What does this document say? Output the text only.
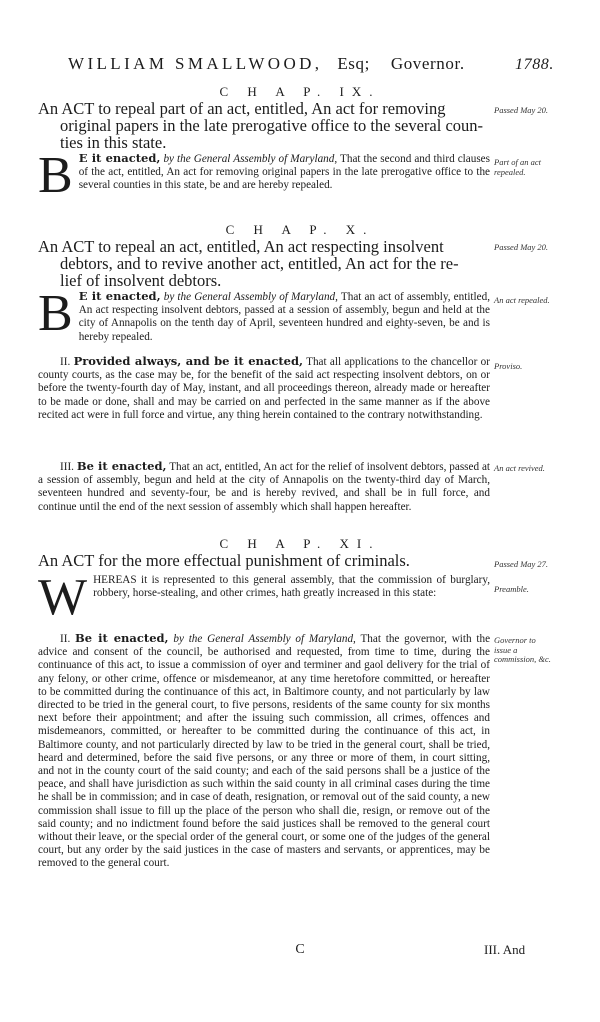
WILLIAM SMALLWOOD, Esq; Governor.	1788.
C H A P. IX.
An ACT to repeal part of an act, entitled, An act for removing
original papers in the late prerogative office to the several coun-
ties in this state.
B E it enacted, by the General Assembly of Maryland, That the second and third clauses of the act, entitled, An act for removing original papers in the late prerogative office to the several counties in this state, be and are hereby repealed.
Passed May 20.
Part of an act repealed.
C H A P. X.
An ACT to repeal an act, entitled, An act respecting insolvent
debtors, and to revive another act, entitled, An act for the re-
lief of insolvent debtors.
B E it enacted, by the General Assembly of Maryland, That an act of assembly, entitled, An act respecting insolvent debtors, passed at a session of assembly, begun and held at the city of Annapolis on the tenth day of April, seventeen hundred and eighty-seven, be and is hereby repealed.
II. Provided always, and be it enacted, That all applications to the chancellor or county courts, as the case may be, for the benefit of the said act respecting insolvent debtors, on or before the twenty-fourth day of May, instant, and all proceedings thereon, already made or hereafter to be made or done, shall and may be carried on and perfected in the same manner as if the above recited act were in full force and virtue, any thing herein contained to the contrary notwithstanding.
III. Be it enacted, That an act, entitled, An act for the relief of insolvent debtors, passed at a session of assembly, begun and held at the city of Annapolis on the twenty-third day of March, seventeen hundred and seventy-four, be and is hereby revived, and shall be in full force, and continue until the end of the next session of assembly which shall happen hereafter.
Passed May 20.
An act repealed.
Proviso.
An act revived.
C H A P. XI.
An ACT for the more effectual punishment of criminals.
W HEREAS it is represented to this general assembly, that the commission of burglary, robbery, horse-stealing, and other crimes, hath greatly increased in this state:
II. Be it enacted, by the General Assembly of Maryland, That the governor, with the advice and consent of the council, be authorised and requested, from time to time, during the continuance of this act, to issue a commission of oyer and terminer and gaol delivery for the trial of any felony, or other crime, offence or misdemeanor, at any time heretofore committed, or hereafter to be committed during the continuance of this act, in Baltimore county, and not particularly by law directed to be tried in the general court, to five persons, residents of the same county for six months next before their appointment; and after the issuing such commission, all crimes, offences and misdemeanors, committed, or hereafter to be committed during the continuance of this act, in Baltimore county, and not particularly directed by law to be tried in the general court, shall be tried, heard and determined, before the said five persons, or any three or more of them, in court sitting, and not in the county court of the said county; and each of the said persons shall be a justice of the peace, and shall have jurisdiction as such within the said county in all criminal cases during the time he shall be in commission; and in case of death, resignation, or removal out of the said county, a new commission shall issue to fill up the place of the person who shall die, resign, or remove out of the said county; and no indictment found before the said justices shall be removed to the general court without their leave, or the special order of the general court, or some one of the judges of the general court, but any order by the said justices in the case of masters and servants, or apprentices, may be removed to the general court.
Passed May 27.
Preamble.
Governor to issue a commission, &c.
C	III. And
